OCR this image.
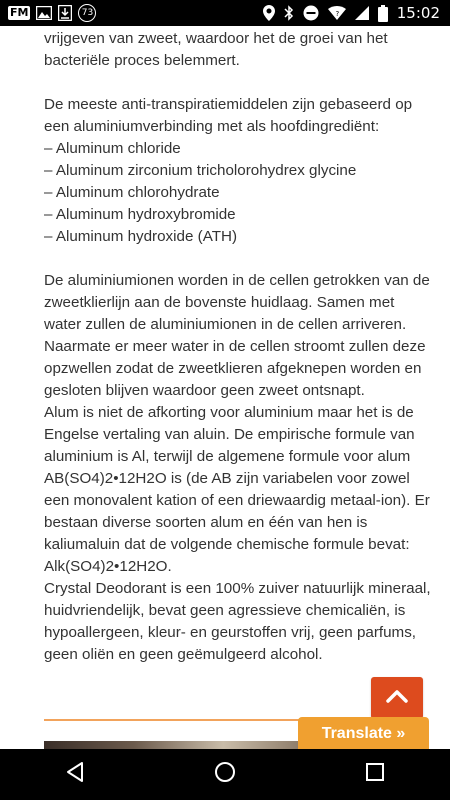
FM	73	?	15:02

vrijgeven van zweet, waardoor het de groei van het bacteriële proces belemmert.

De meeste anti-transpiratiemiddelen zijn gebaseerd op een aluminiumverbinding met als hoofdingrediënt:

– Aluminum chloride
– Aluminum zirconium tricholorohydrex glycine
– Aluminum chlorohydrate
– Aluminum hydroxybromide
– Aluminum hydroxide (ATH)

De aluminiumionen worden in de cellen getrokken van de zweetklierlijn aan de bovenste huidlaag. Samen met water zullen de aluminiumionen in de cellen arriveren. Naarmate er meer water in de cellen stroomt zullen deze opzwellen zodat de zweetklieren afgeknepen worden en gesloten blijven waardoor geen zweet ontsnapt.

Alum is niet de afkorting voor aluminium maar het is de Engelse vertaling van aluin. De empirische formule van aluminium is Al, terwijl de algemene formule voor alum AB(SO4)2•12H2O is (de AB zijn variabelen voor zowel een monovalent kation of een driewaardig metaal-ion). Er bestaan diverse soorten alum en één van hen is kaliumaluin dat de volgende chemische formule bevat: Alk(SO4)2•12H2O.

Crystal Deodorant is een 100% zuiver natuurlijk mineraal, huidvriendelijk, bevat geen agressieve chemicaliën, is hypoallergeen, kleur- en geurstoffen vrij, geen parfums, geen oliën en geen geëmulgeerd alcohol.

Translate »
